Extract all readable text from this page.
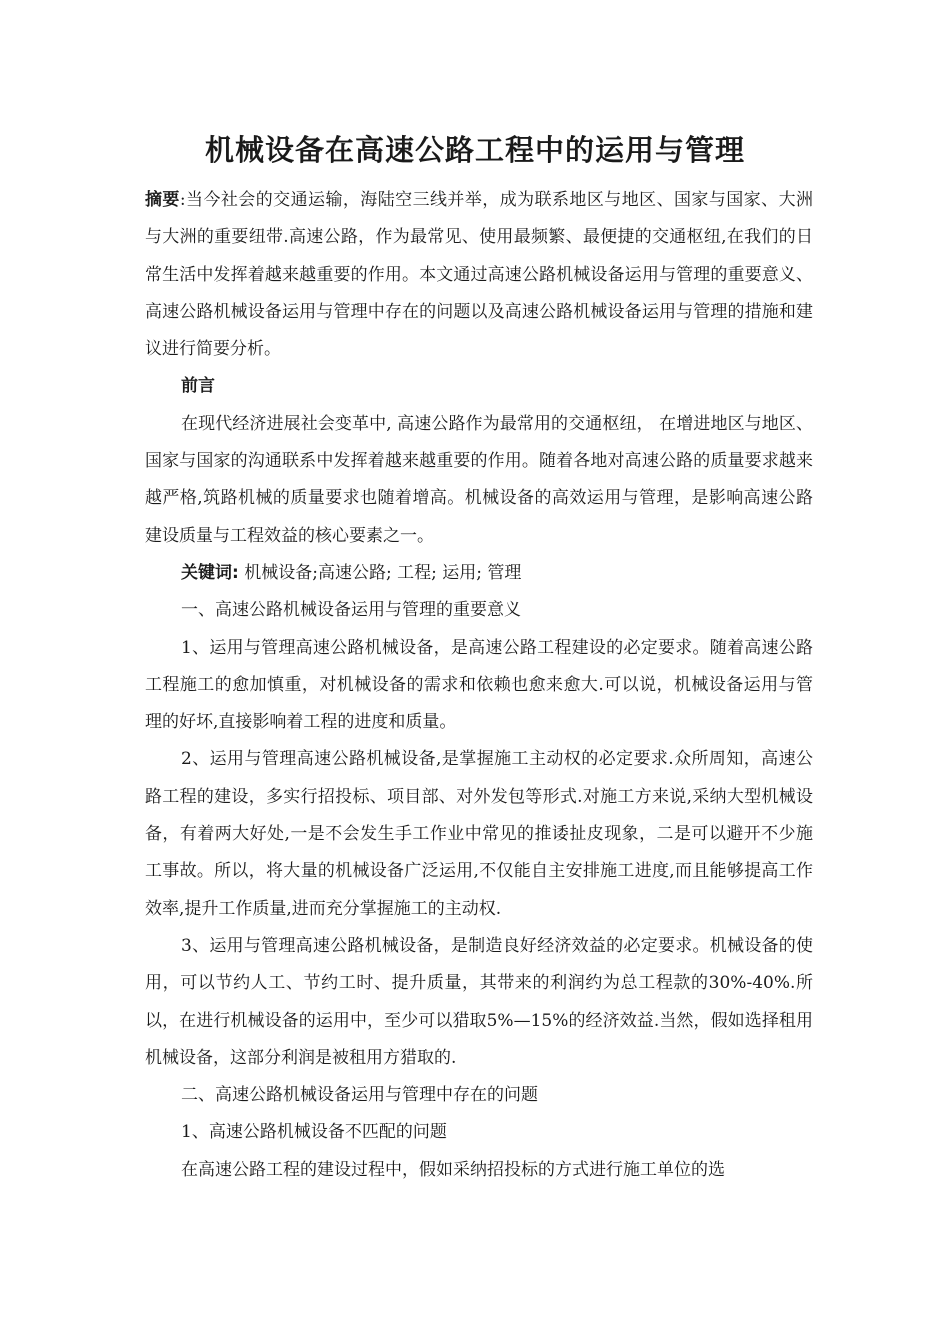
机械设备在高速公路工程中的运用与管理

摘要:当今社会的交通运输，海陆空三线并举，成为联系地区与地区、国家与国家、大洲与大洲的重要纽带.高速公路，作为最常见、使用最频繁、最便捷的交通枢纽,在我们的日常生活中发挥着越来越重要的作用。本文通过高速公路机械设备运用与管理的重要意义、高速公路机械设备运用与管理中存在的问题以及高速公路机械设备运用与管理的措施和建议进行简要分析。

前言

在现代经济进展社会变革中, 高速公路作为最常用的交通枢纽， 在增进地区与地区、 国家与国家的沟通联系中发挥着越来越重要的作用。随着各地对高速公路的质量要求越来越严格,筑路机械的质量要求也随着增高。机械设备的高效运用与管理，是影响高速公路建设质量与工程效益的核心要素之一。

关键词: 机械设备;高速公路; 工程; 运用; 管理

一、高速公路机械设备运用与管理的重要意义

1、运用与管理高速公路机械设备，是高速公路工程建设的必定要求。随着高速公路工程施工的愈加慎重，对机械设备的需求和依赖也愈来愈大.可以说，机械设备运用与管理的好坏,直接影响着工程的进度和质量。

2、运用与管理高速公路机械设备,是掌握施工主动权的必定要求.众所周知，高速公路工程的建设，多实行招投标、项目部、对外发包等形式.对施工方来说,采纳大型机械设备，有着两大好处,一是不会发生手工作业中常见的推诿扯皮现象，二是可以避开不少施工事故。所以，将大量的机械设备广泛运用,不仅能自主安排施工进度,而且能够提高工作效率,提升工作质量,进而充分掌握施工的主动权.

3、运用与管理高速公路机械设备，是制造良好经济效益的必定要求。机械设备的使用，可以节约人工、节约工时、提升质量，其带来的利润约为总工程款的30%-40%.所以，在进行机械设备的运用中，至少可以猎取5%—15%的经济效益.当然，假如选择租用机械设备，这部分利润是被租用方猎取的.

二、高速公路机械设备运用与管理中存在的问题

1、高速公路机械设备不匹配的问题

在高速公路工程的建设过程中，假如采纳招投标的方式进行施工单位的选
